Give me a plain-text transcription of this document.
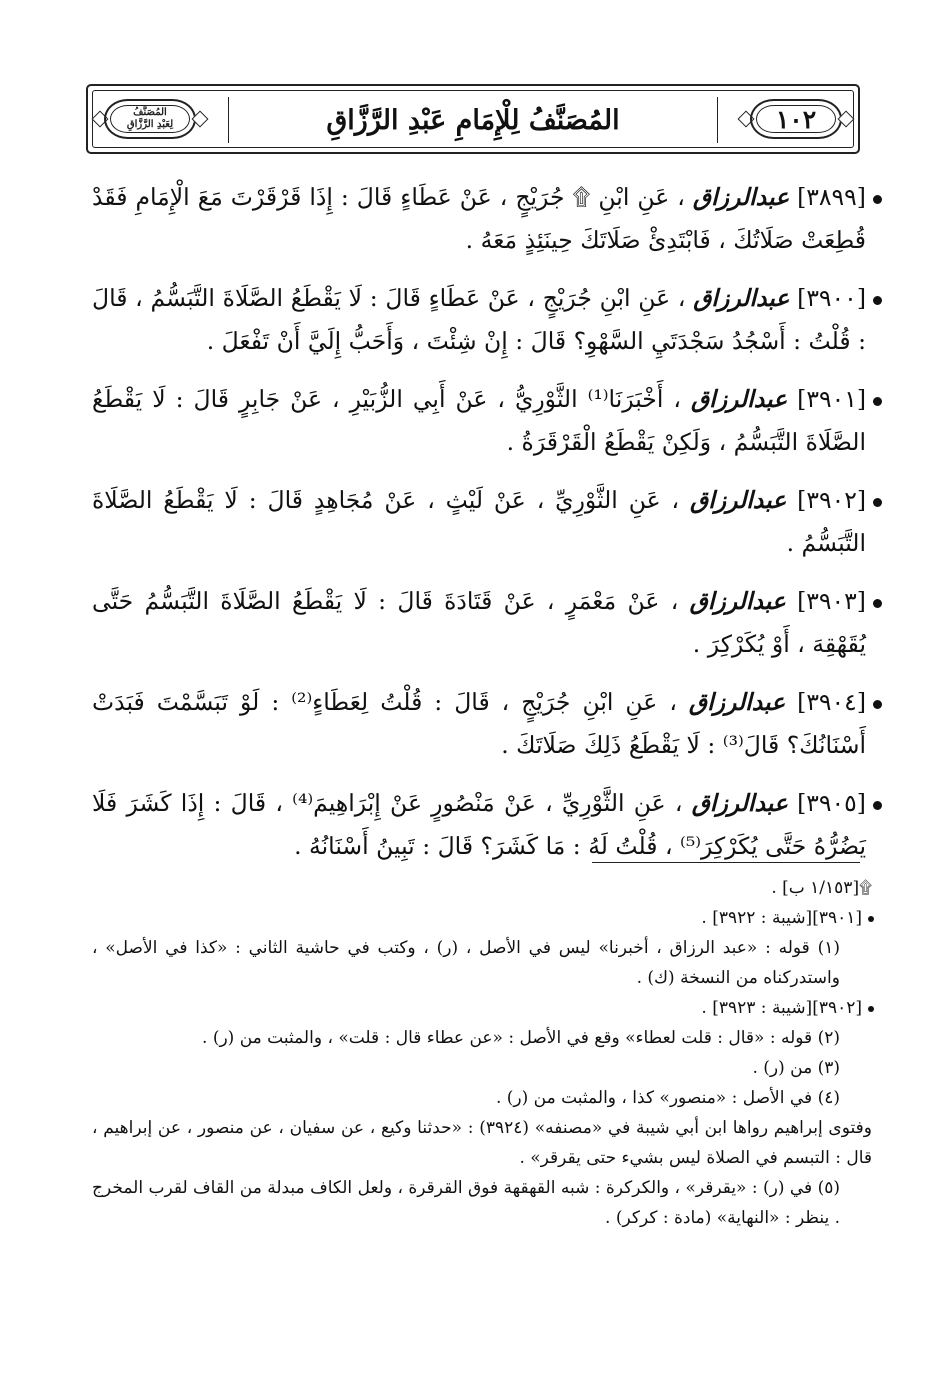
١٠٢
المُصَنَّفُ لِلْإِمَامِ عَبْدِ الرَّزَّاقِ
المُصَنَّفُ
لِعَبْدِ الرَّزَّاقِ

[٣٨٩٩] عبدالرزاق ، عَنِ ابْنِ ۩ جُرَيْجٍ ، عَنْ عَطَاءٍ قَالَ : إِذَا قَرْقَرْتَ مَعَ الْإِمَامِ فَقَدْ قُطِعَتْ صَلَاتُكَ ، فَابْتَدِئْ صَلَاتَكَ حِينَئِذٍ مَعَهُ .

[٣٩٠٠] عبدالرزاق ، عَنِ ابْنِ جُرَيْجٍ ، عَنْ عَطَاءٍ قَالَ : لَا يَقْطَعُ الصَّلَاةَ التَّبَسُّمُ ، قَالَ : قُلْتُ : أَسْجُدُ سَجْدَتَيِ السَّهْوِ؟ قَالَ : إِنْ شِئْتَ ، وَأَحَبُّ إِلَيَّ أَنْ تَفْعَلَ .

[٣٩٠١] عبدالرزاق ، أَخْبَرَنَا⁽¹⁾ الثَّوْرِيُّ ، عَنْ أَبِي الزُّبَيْرِ ، عَنْ جَابِرٍ قَالَ : لَا يَقْطَعُ الصَّلَاةَ التَّبَسُّمُ ، وَلَكِنْ يَقْطَعُ الْقَرْقَرَةُ .

[٣٩٠٢] عبدالرزاق ، عَنِ الثَّوْرِيِّ ، عَنْ لَيْثٍ ، عَنْ مُجَاهِدٍ قَالَ : لَا يَقْطَعُ الصَّلَاةَ التَّبَسُّمُ .

[٣٩٠٣] عبدالرزاق ، عَنْ مَعْمَرٍ ، عَنْ قَتَادَةَ قَالَ : لَا يَقْطَعُ الصَّلَاةَ التَّبَسُّمُ حَتَّى يُقَهْقِهَ ، أَوْ يُكَرْكِرَ .

[٣٩٠٤] عبدالرزاق ، عَنِ ابْنِ جُرَيْجٍ ، قَالَ : قُلْتُ لِعَطَاءٍ⁽²⁾ : لَوْ تَبَسَّمْتَ فَبَدَتْ أَسْنَانُكَ؟ قَالَ⁽³⁾ : لَا يَقْطَعُ ذَلِكَ صَلَاتَكَ .

[٣٩٠٥] عبدالرزاق ، عَنِ الثَّوْرِيِّ ، عَنْ مَنْصُورٍ عَنْ إِبْرَاهِيمَ⁽⁴⁾ ، قَالَ : إِذَا كَشَرَ فَلَا يَضُرُّهُ حَتَّى يُكَرْكِرَ⁽⁵⁾ ، قُلْتُ لَهُ : مَا كَشَرَ؟ قَالَ : تَبِينُ أَسْنَانُهُ .

۩[١/١٥٣ ب] .

[٣٩٠١][شيبة : ٣٩٢٢] .

(١) قوله : «عبد الرزاق ، أخبرنا» ليس في الأصل ، (ر) ، وكتب في حاشية الثاني : «كذا في الأصل» ، واستدركناه من النسخة (ك) .

[٣٩٠٢][شيبة : ٣٩٢٣] .

(٢) قوله : «قال : قلت لعطاء» وقع في الأصل : «عن عطاء قال : قلت» ، والمثبت من (ر) .

(٣) من (ر) .

(٤) في الأصل : «منصور» كذا ، والمثبت من (ر) .

وفتوى إبراهيم رواها ابن أبي شيبة في «مصنفه» (٣٩٢٤) : «حدثنا وكيع ، عن سفيان ، عن منصور ، عن إبراهيم ، قال : التبسم في الصلاة ليس بشيء حتى يقرقر» .

(٥) في (ر) : «يقرقر» ، والكركرة : شبه القهقهة فوق القرقرة ، ولعل الكاف مبدلة من القاف لقرب المخرج . ينظر : «النهاية» (مادة : كركر) .
